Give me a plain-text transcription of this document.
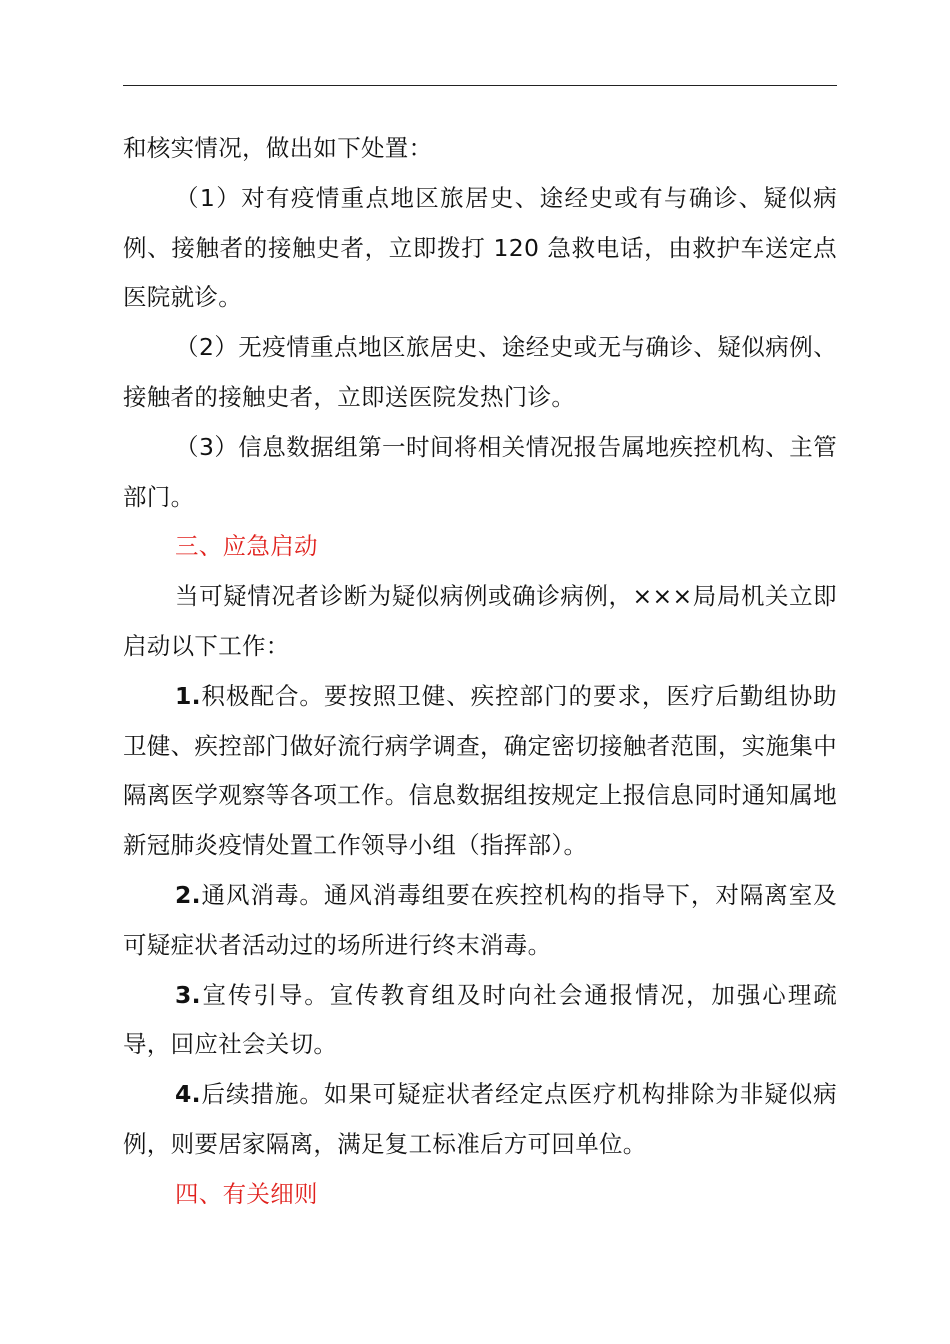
和核实情况，做出如下处置：

（1）对有疫情重点地区旅居史、途经史或有与确诊、疑似病例、接触者的接触史者，立即拨打 120 急救电话，由救护车送定点医院就诊。

（2）无疫情重点地区旅居史、途经史或无与确诊、疑似病例、接触者的接触史者，立即送医院发热门诊。

（3）信息数据组第一时间将相关情况报告属地疾控机构、主管部门。

三、应急启动

当可疑情况者诊断为疑似病例或确诊病例，×××局局机关立即启动以下工作：

1.积极配合。要按照卫健、疾控部门的要求，医疗后勤组协助卫健、疾控部门做好流行病学调查，确定密切接触者范围，实施集中隔离医学观察等各项工作。信息数据组按规定上报信息同时通知属地新冠肺炎疫情处置工作领导小组（指挥部）。

2.通风消毒。通风消毒组要在疾控机构的指导下，对隔离室及可疑症状者活动过的场所进行终末消毒。

3.宣传引导。宣传教育组及时向社会通报情况，加强心理疏导，回应社会关切。

4.后续措施。如果可疑症状者经定点医疗机构排除为非疑似病例，则要居家隔离，满足复工标准后方可回单位。

四、有关细则
